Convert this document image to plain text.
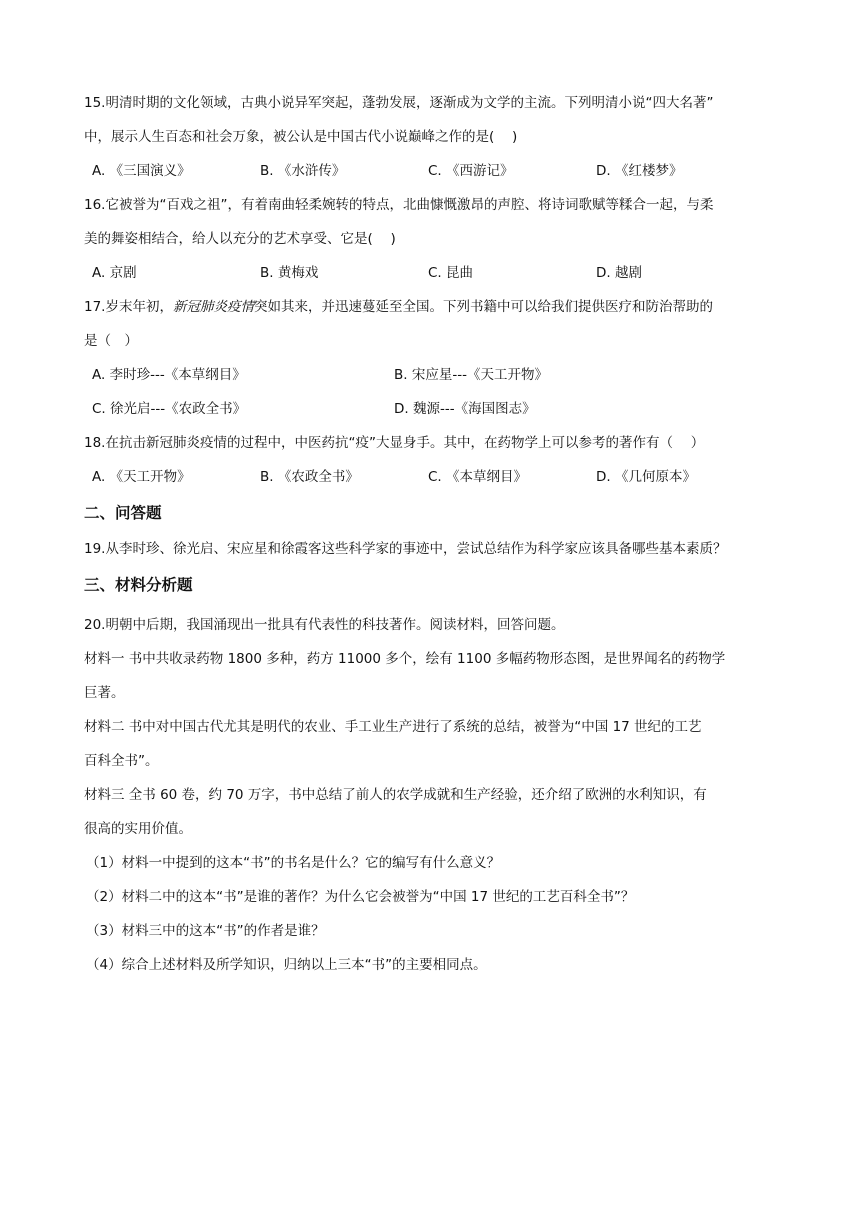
15.明清时期的文化领域，古典小说异军突起，蓬勃发展，逐渐成为文学的主流。下列明清小说“四大名著”
中，展示人生百态和社会万象，被公认是中国古代小说巅峰之作的是(　 )
A. 《三国演义》	B. 《水浒传》	C. 《西游记》	D. 《红楼梦》
16.它被誉为“百戏之祖”，有着南曲轻柔婉转的特点，北曲慷慨激昂的声腔、将诗词歌赋等糅合一起，与柔
美的舞姿相结合，给人以充分的艺术享受、它是(　 )
A. 京剧	B. 黄梅戏	C. 昆曲	D. 越剧
17.岁末年初，新冠肺炎疫情突如其来，并迅速蔓延至全国。下列书籍中可以给我们提供医疗和防治帮助的
是（　）
A. 李时珍---《本草纲目》	B. 宋应星---《天工开物》
C. 徐光启---《农政全书》	D. 魏源---《海国图志》
18.在抗击新冠肺炎疫情的过程中，中医药抗“疫”大显身手。其中，在药物学上可以参考的著作有（　 ）
A. 《天工开物》	B. 《农政全书》	C. 《本草纲目》	D. 《几何原本》
二、问答题
19.从李时珍、徐光启、宋应星和徐霞客这些科学家的事迹中，尝试总结作为科学家应该具备哪些基本素质？
三、材料分析题
20.明朝中后期，我国涌现出一批具有代表性的科技著作。阅读材料，回答问题。
材料一 书中共收录药物 1800 多种，药方 11000 多个，绘有 1100 多幅药物形态图，是世界闻名的药物学
巨著。
材料二 书中对中国古代尤其是明代的农业、手工业生产进行了系统的总结，被誉为“中国 17 世纪的工艺
百科全书”。
材料三 全书 60 卷，约 70 万字，书中总结了前人的农学成就和生产经验，还介绍了欧洲的水利知识，有
很高的实用价值。
（1）材料一中提到的这本“书”的书名是什么？它的编写有什么意义？
（2）材料二中的这本“书”是谁的著作？为什么它会被誉为“中国 17 世纪的工艺百科全书”？
（3）材料三中的这本“书”的作者是谁？
（4）综合上述材料及所学知识，归纳以上三本“书”的主要相同点。
